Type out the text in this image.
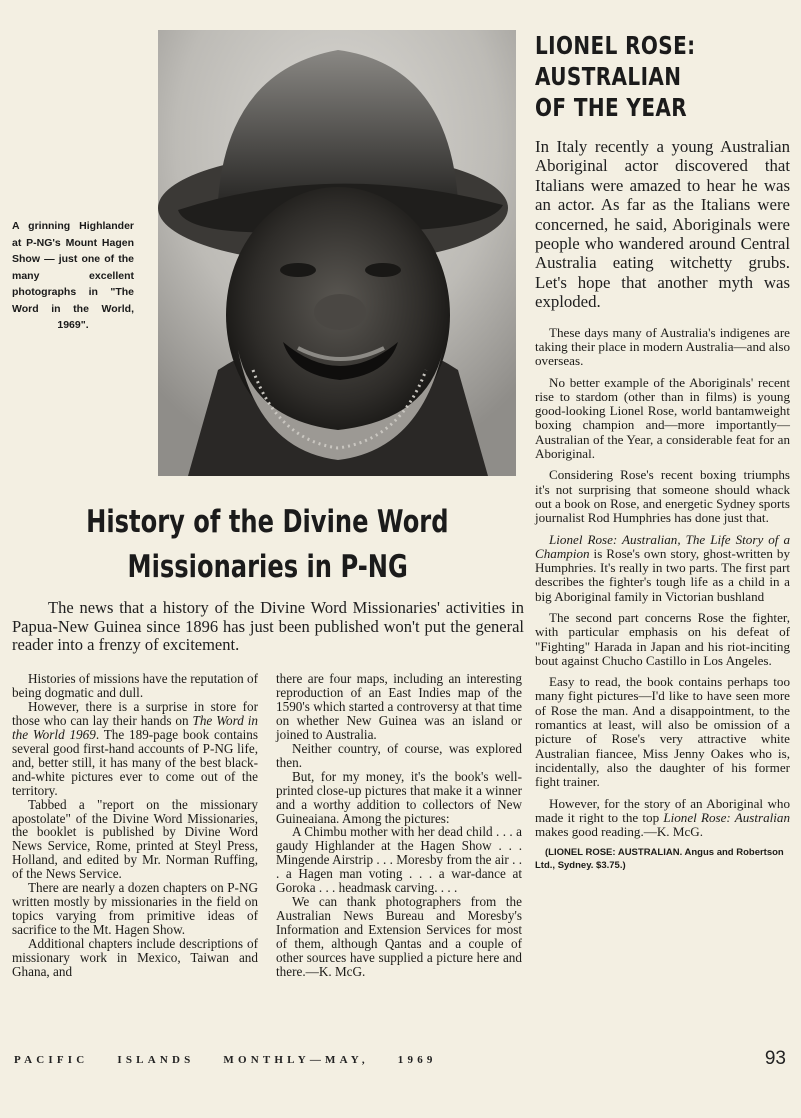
A grinning Highlander at P-NG's Mount Hagen Show — just one of the many excellent photographs in "The Word in the World, 1969".
LIONEL ROSE:
AUSTRALIAN
OF THE YEAR

In Italy recently a young Australian Aboriginal actor discovered that Italians were amazed to hear he was an actor. As far as the Italians were concerned, he said, Aboriginals were people who wandered around Central Australia eating witchetty grubs. Let's hope that another myth was exploded.

These days many of Australia's indigenes are taking their place in modern Australia—and also overseas.

No better example of the Aboriginals' recent rise to stardom (other than in films) is young good-looking Lionel Rose, world bantamweight boxing champion and—more importantly—Australian of the Year, a considerable feat for an Aboriginal.

Considering Rose's recent boxing triumphs it's not surprising that someone should whack out a book on Rose, and energetic Sydney sports journalist Rod Humphries has done just that.

Lionel Rose: Australian, The Life Story of a Champion is Rose's own story, ghost-written by Humphries. It's really in two parts. The first part describes the fighter's tough life as a child in a big Aboriginal family in Victorian bushland

The second part concerns Rose the fighter, with particular emphasis on his defeat of "Fighting" Harada in Japan and his riot-inciting bout against Chucho Castillo in Los Angeles.

Easy to read, the book contains perhaps too many fight pictures—I'd like to have seen more of Rose the man. And a disappointment, to the romantics at least, will also be omission of a picture of Rose's very attractive white Australian fiancee, Miss Jenny Oakes who is, incidentally, also the daughter of his former fight trainer.

However, for the story of an Aboriginal who made it right to the top Lionel Rose: Australian makes good reading.—K. McG.

(LIONEL ROSE: AUSTRALIAN. Angus and Robertson Ltd., Sydney. $3.75.)
History of the Divine Word
Missionaries in P-NG

The news that a history of the Divine Word Missionaries' activities in Papua-New Guinea since 1896 has just been published won't put the general reader into a frenzy of excitement.

Histories of missions have the reputation of being dogmatic and dull.

However, there is a surprise in store for those who can lay their hands on The Word in the World 1969. The 189-page book contains several good first-hand accounts of P-NG life, and, better still, it has many of the best black-and-white pictures ever to come out of the territory.

Tabbed a "report on the missionary apostolate" of the Divine Word Missionaries, the booklet is published by Divine Word News Service, Rome, printed at Steyl Press, Holland, and edited by Mr. Norman Ruffing, of the News Service.

There are nearly a dozen chapters on P-NG written mostly by missionaries in the field on topics varying from primitive ideas of sacrifice to the Mt. Hagen Show.

Additional chapters include descriptions of missionary work in Mexico, Taiwan and Ghana, and

there are four maps, including an interesting reproduction of an East Indies map of the 1590's which started a controversy at that time on whether New Guinea was an island or joined to Australia.

Neither country, of course, was explored then.

But, for my money, it's the book's well-printed close-up pictures that make it a winner and a worthy addition to collectors of New Guineaiana. Among the pictures:

A Chimbu mother with her dead child . . . a gaudy Highlander at the Hagen Show . . . Mingende Airstrip . . . Moresby from the air . . . a Hagen man voting . . . a war-dance at Goroka . . . headmask carving. . . .

We can thank photographers from the Australian News Bureau and Moresby's Information and Extension Services for most of them, although Qantas and a couple of other sources have supplied a picture here and there.—K. McG.

PACIFIC ISLANDS MONTHLY—MAY, 1969	93
